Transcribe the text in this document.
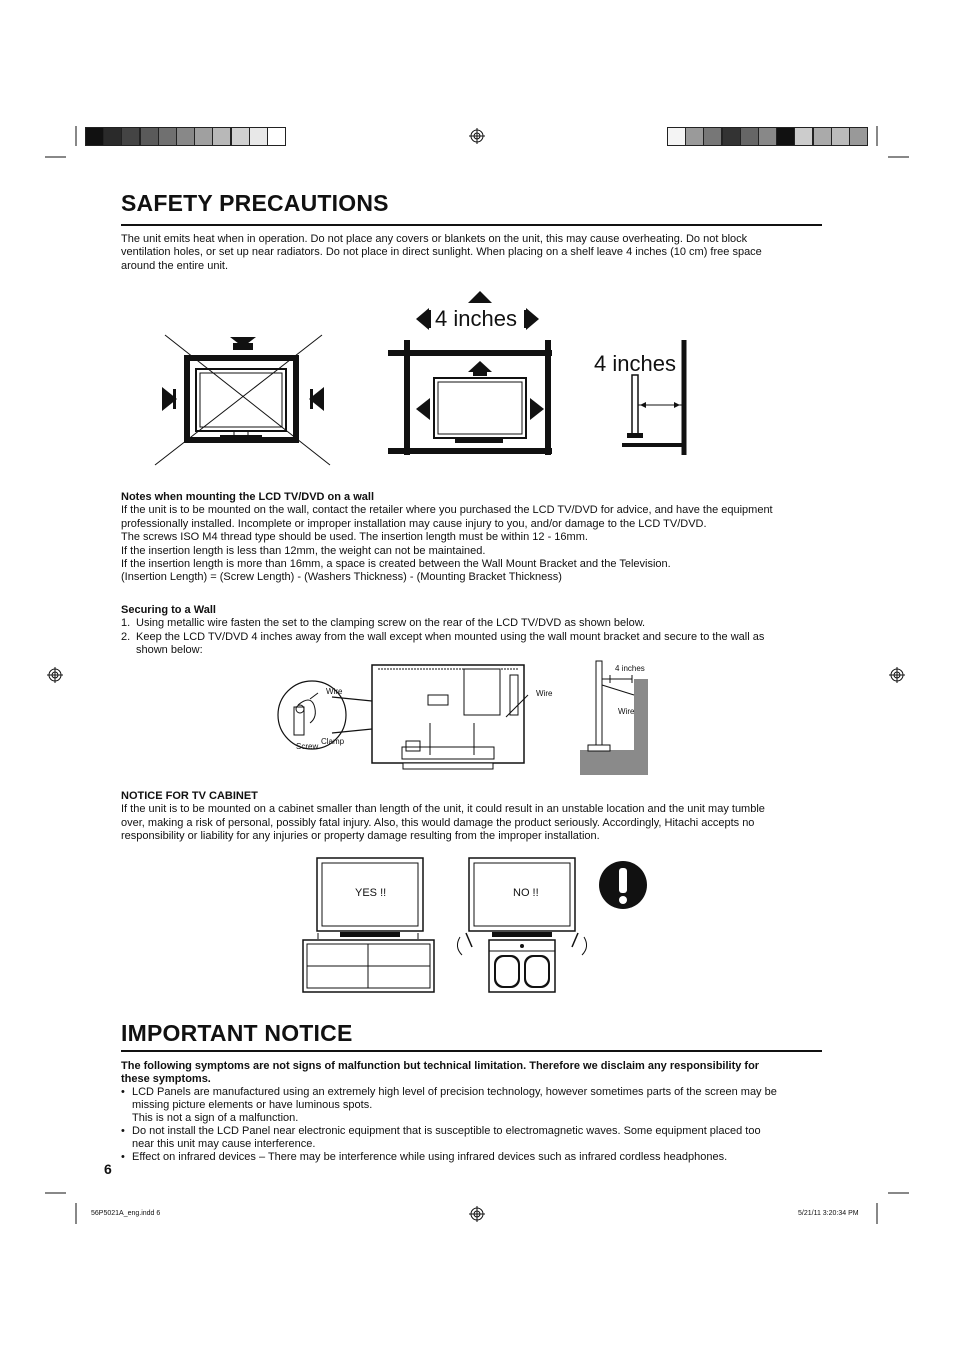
SAFETY PRECAUTIONS
The unit emits heat when in operation. Do not place any covers or blankets on the unit, this may cause overheating. Do not block
ventilation holes, or set up near radiators. Do not place in direct sunlight. When placing on a shelf leave 4 inches (10 cm) free space
around the entire unit.
4 inches
4 inches
Notes when mounting the LCD TV/DVD on a wall
If the unit is to be mounted on the wall, contact the retailer where you purchased the LCD TV/DVD for advice, and have the equipment
professionally installed. Incomplete or improper installation may cause injury to you, and/or damage to the LCD TV/DVD.
The screws ISO M4 thread type should be used. The insertion length must be within 12 - 16mm.
If the insertion length is less than 12mm, the weight can not be maintained.
If the insertion length is more than 16mm, a space is created between the Wall Mount Bracket and the Television.
(Insertion Length) = (Screw Length) - (Washers Thickness) - (Mounting Bracket Thickness)
Securing to a Wall
1. Using metallic wire fasten the set to the clamping screw on the rear of the LCD TV/DVD as shown below.
2. Keep the LCD TV/DVD 4 inches away from the wall except when mounted using the wall mount bracket and secure to the wall as
shown below:
Wire
Clamp
Screw
Wire
4 inches
Wire
NOTICE FOR TV CABINET
If the unit is to be mounted on a cabinet smaller than length of the unit, it could result in an unstable location and the unit may tumble
over, making a risk of personal, possibly fatal injury. Also, this would damage the product seriously. Accordingly, Hitachi accepts no
responsibility or liability for any injuries or property damage resulting from the improper installation.
YES !!	NO !!
IMPORTANT NOTICE
The following symptoms are not signs of malfunction but technical limitation. Therefore we disclaim any responsibility for
these symptoms.
• LCD Panels are manufactured using an extremely high level of precision technology, however sometimes parts of the screen may be
missing picture elements or have luminous spots.
This is not a sign of a malfunction.
• Do not install the LCD Panel near electronic equipment that is susceptible to electromagnetic waves. Some equipment placed too
near this unit may cause interference.
• Effect on infrared devices – There may be interference while using infrared devices such as infrared cordless headphones.
6
56P5021A_eng.indd 6	5/21/11 3:20:34 PM
